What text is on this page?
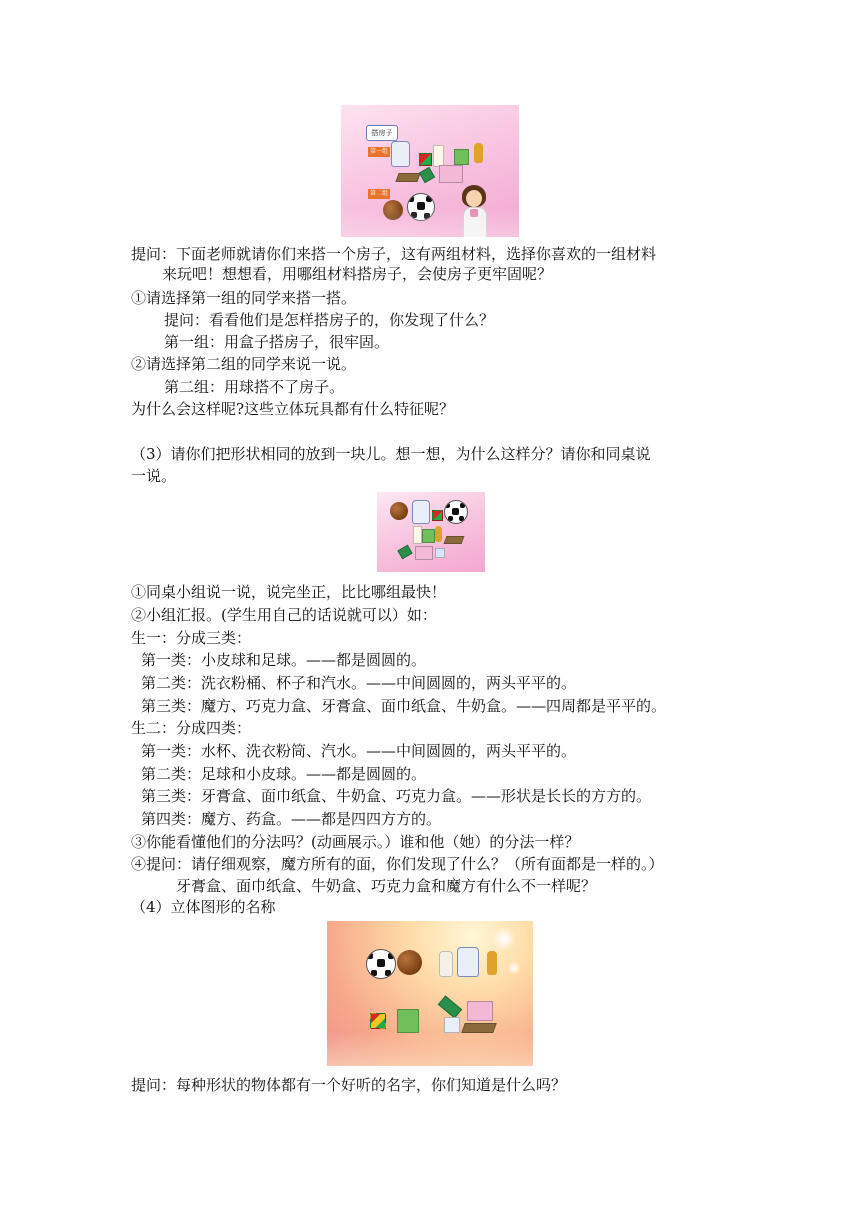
搭房子
第一组
第二组
提问：下面老师就请你们来搭一个房子，这有两组材料，选择你喜欢的一组材料
来玩吧！想想看，用哪组材料搭房子，会使房子更牢固呢？
①请选择第一组的同学来搭一搭。
提问：看看他们是怎样搭房子的，你发现了什么？
第一组：用盒子搭房子，很牢固。
②请选择第二组的同学来说一说。
第二组：用球搭不了房子。
为什么会这样呢?这些立体玩具都有什么特征呢？
（3）请你们把形状相同的放到一块儿。想一想，为什么这样分？请你和同桌说
一说。
①同桌小组说一说，说完坐正，比比哪组最快！
②小组汇报。(学生用自己的话说就可以）如：
生一：分成三类：
第一类：小皮球和足球。——都是圆圆的。
第二类：洗衣粉桶、杯子和汽水。——中间圆圆的，两头平平的。
第三类：魔方、巧克力盒、牙膏盒、面巾纸盒、牛奶盒。——四周都是平平的。
生二：分成四类：
第一类：水杯、洗衣粉筒、汽水。——中间圆圆的，两头平平的。
第二类：足球和小皮球。——都是圆圆的。
第三类：牙膏盒、面巾纸盒、牛奶盒、巧克力盒。——形状是长长的方方的。
第四类：魔方、药盒。——都是四四方方的。
③你能看懂他们的分法吗？(动画展示。）谁和他（她）的分法一样？
④提问：请仔细观察，魔方所有的面，你们发现了什么？（所有面都是一样的。）
牙膏盒、面巾纸盒、牛奶盒、巧克力盒和魔方有什么不一样呢？
（4）立体图形的名称
提问：每种形状的物体都有一个好听的名字，你们知道是什么吗？
